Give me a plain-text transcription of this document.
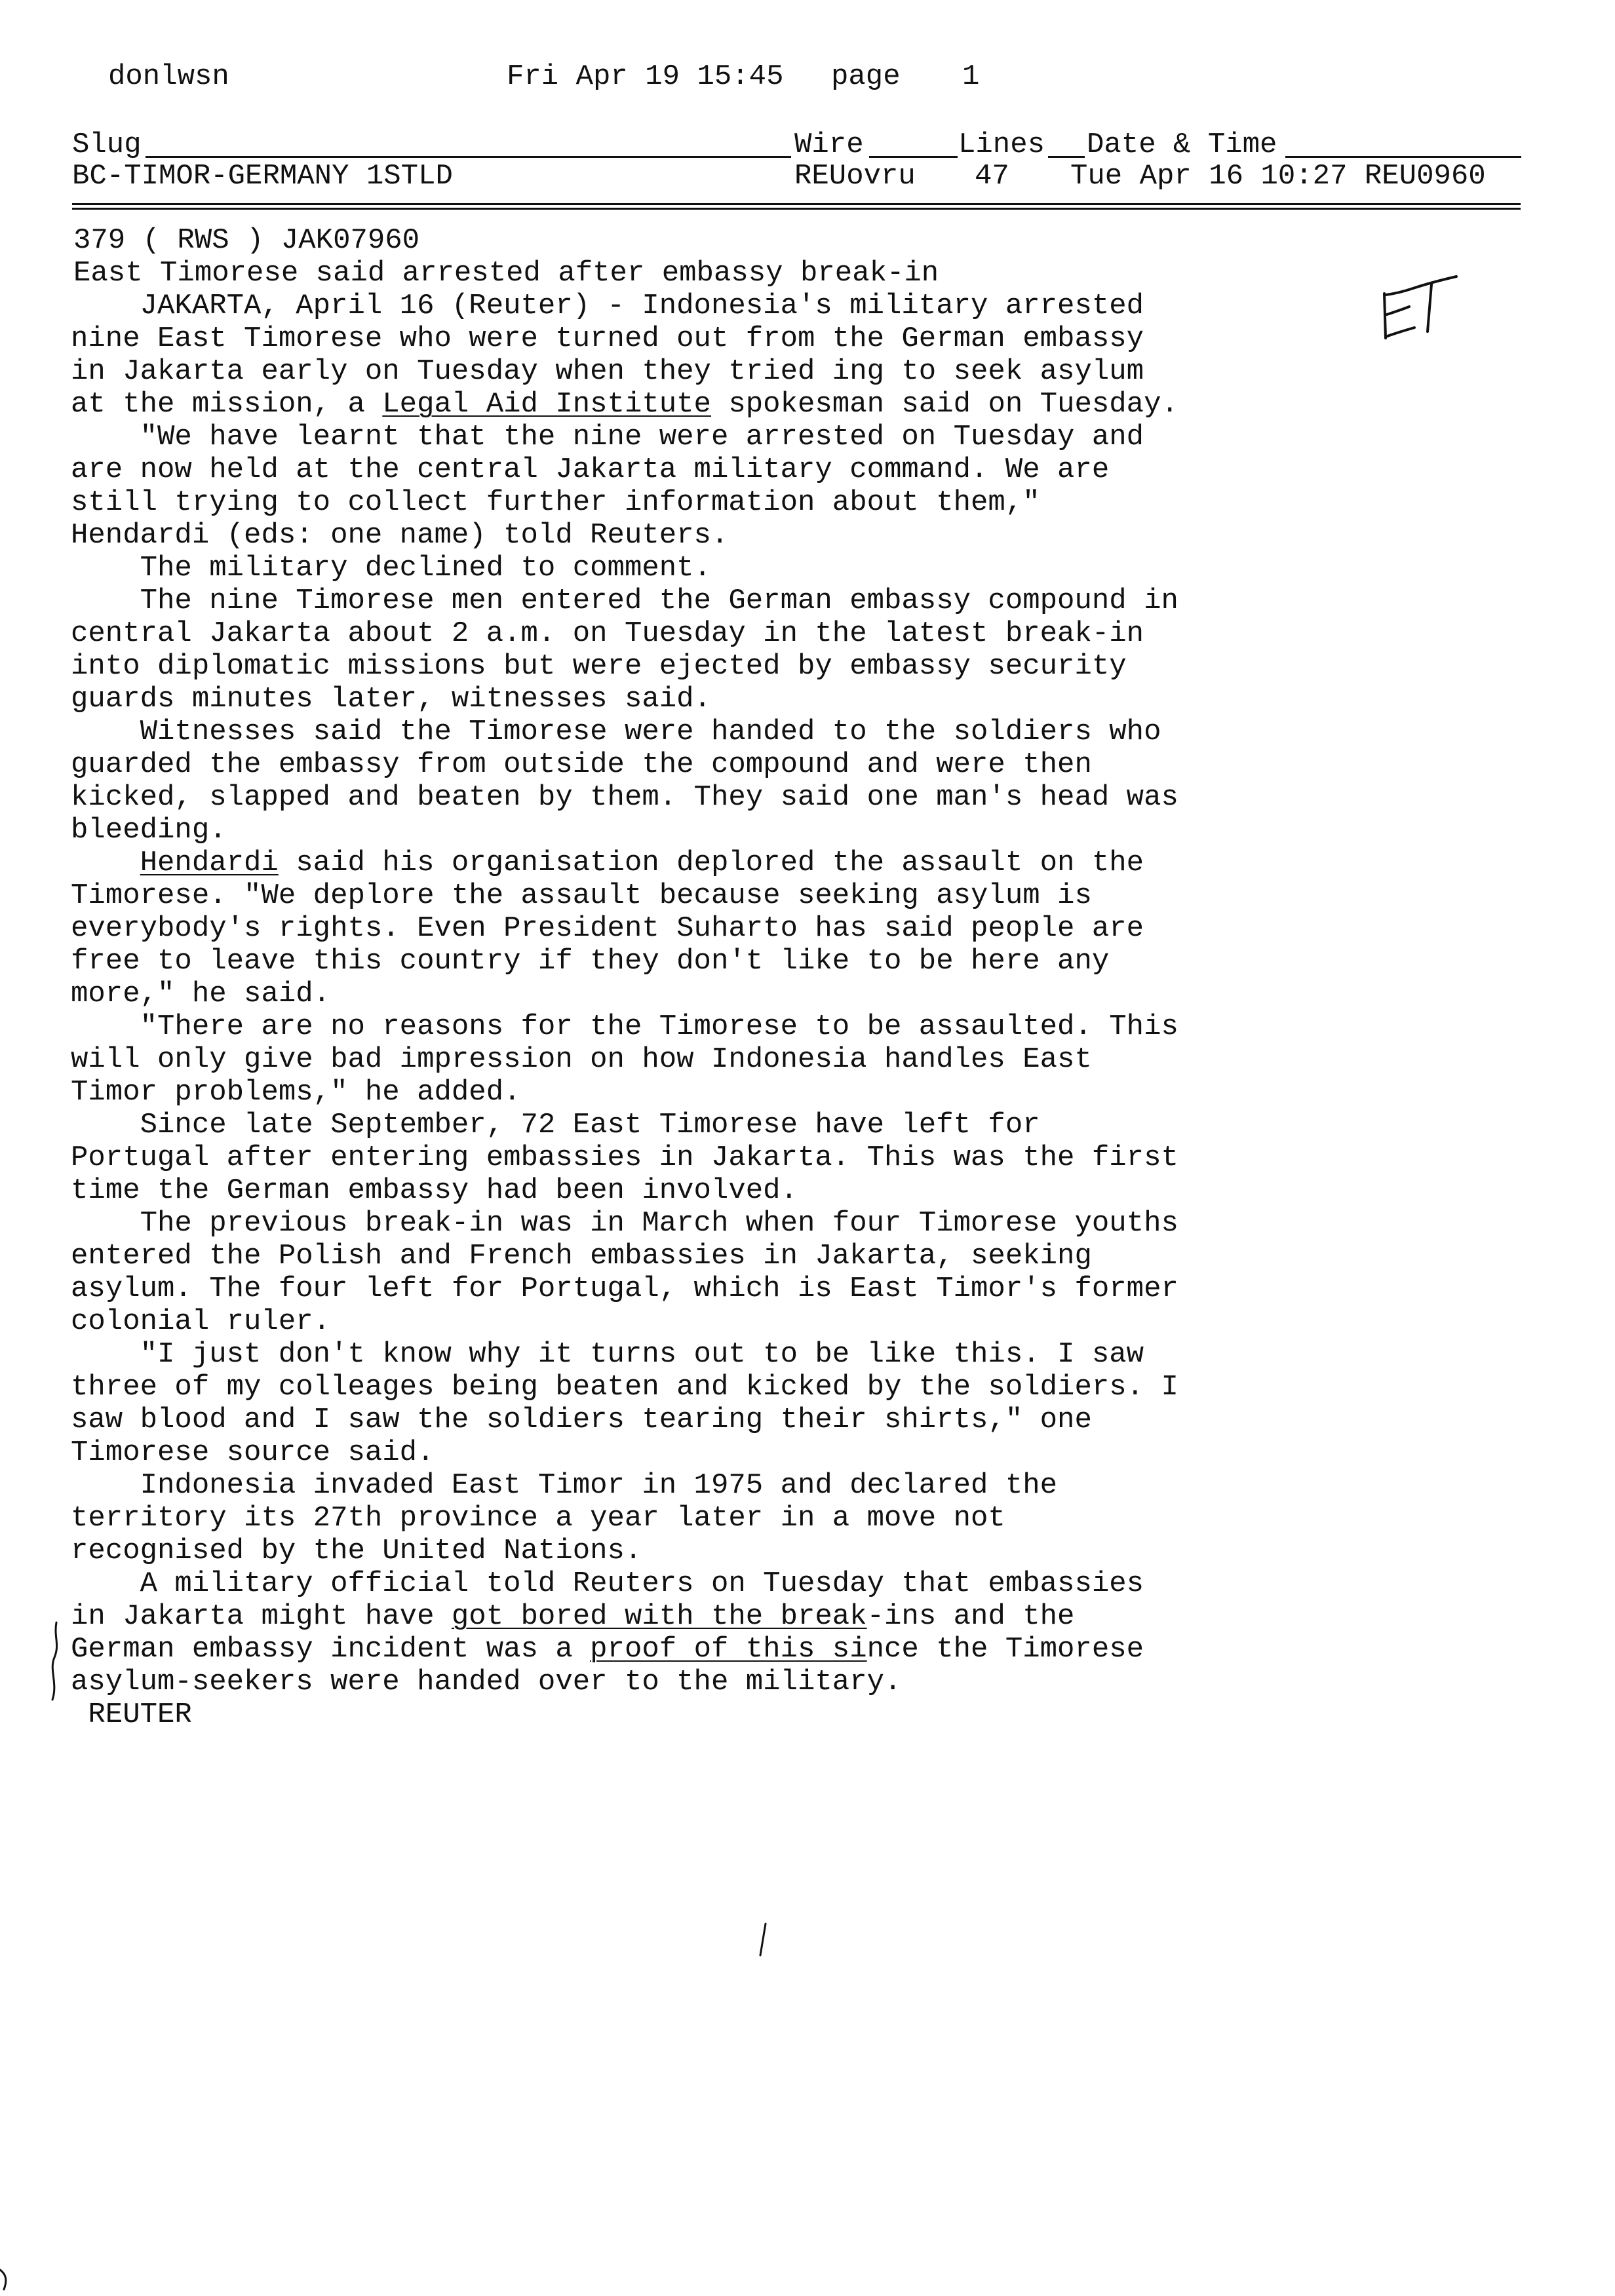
donlwsn	Fri Apr 19 15:45 page 1
Slug	Wire	Lines Date & Time
BC-TIMOR-GERMANY 1STLD	REUovru 47 Tue Apr 16 10:27 REU0960
379 ( RWS ) JAK07960
East Timorese said arrested after embassy break-in
JAKARTA, April 16 (Reuter) - Indonesia's military arrested
nine East Timorese who were turned out from the German embassy
in Jakarta early on Tuesday when they tried ing to seek asylum
at the mission, a Legal Aid Institute spokesman said on Tuesday.
"We have learnt that the nine were arrested on Tuesday and
are now held at the central Jakarta military command. We are
still trying to collect further information about them,"
Hendardi (eds: one name) told Reuters.
The military declined to comment.
The nine Timorese men entered the German embassy compound in
central Jakarta about 2 a.m. on Tuesday in the latest break-in
into diplomatic missions but were ejected by embassy security
guards minutes later, witnesses said.
Witnesses said the Timorese were handed to the soldiers who
guarded the embassy from outside the compound and were then
kicked, slapped and beaten by them. They said one man's head was
bleeding.
Hendardi said his organisation deplored the assault on the
Timorese. "We deplore the assault because seeking asylum is
everybody's rights. Even President Suharto has said people are
free to leave this country if they don't like to be here any
more," he said.
"There are no reasons for the Timorese to be assaulted. This
will only give bad impression on how Indonesia handles East
Timor problems," he added.
Since late September, 72 East Timorese have left for
Portugal after entering embassies in Jakarta. This was the first
time the German embassy had been involved.
The previous break-in was in March when four Timorese youths
entered the Polish and French embassies in Jakarta, seeking
asylum. The four left for Portugal, which is East Timor's former
colonial ruler.
"I just don't know why it turns out to be like this. I saw
three of my colleages being beaten and kicked by the soldiers. I
saw blood and I saw the soldiers tearing their shirts," one
Timorese source said.
Indonesia invaded East Timor in 1975 and declared the
territory its 27th province a year later in a move not
recognised by the United Nations.
A military official told Reuters on Tuesday that embassies
in Jakarta might have got bored with the break-ins and the
German embassy incident was a proof of this since the Timorese
asylum-seekers were handed over to the military.
REUTER
